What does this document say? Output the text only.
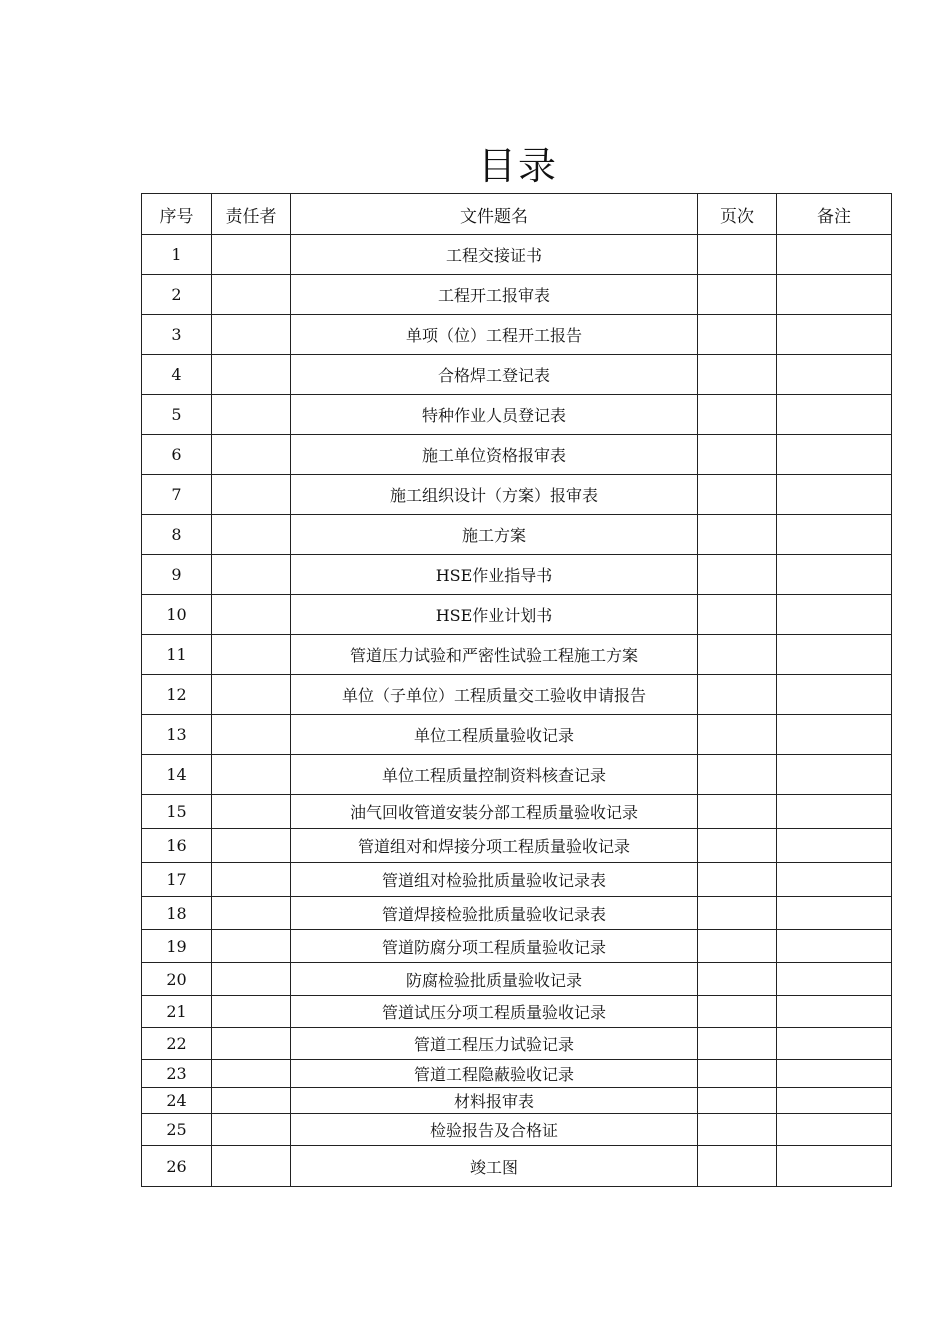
目录
序号	责任者	文件题名	页次	备注
1		工程交接证书		
2		工程开工报审表		
3		单项（位）工程开工报告		
4		合格焊工登记表		
5		特种作业人员登记表		
6		施工单位资格报审表		
7		施工组织设计（方案）报审表		
8		施工方案		
9		HSE作业指导书		
10		HSE作业计划书		
11		管道压力试验和严密性试验工程施工方案		
12		单位（子单位）工程质量交工验收申请报告		
13		单位工程质量验收记录		
14		单位工程质量控制资料核查记录		
15		油气回收管道安装分部工程质量验收记录		
16		管道组对和焊接分项工程质量验收记录		
17		管道组对检验批质量验收记录表		
18		管道焊接检验批质量验收记录表		
19		管道防腐分项工程质量验收记录		
20		防腐检验批质量验收记录		
21		管道试压分项工程质量验收记录		
22		管道工程压力试验记录		
23		管道工程隐蔽验收记录		
24		材料报审表		
25		检验报告及合格证		
26		竣工图		
